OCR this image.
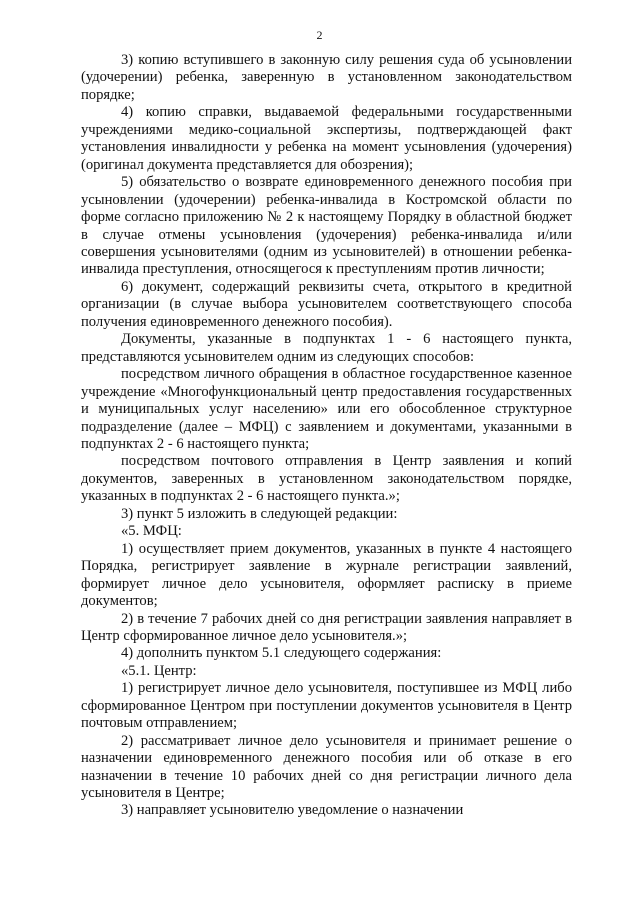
2

3) копию вступившего в законную силу решения суда об усыновлении (удочерении) ребенка, заверенную в установленном законодательством порядке;

4) копию справки, выдаваемой федеральными государственными учреждениями медико-социальной экспертизы, подтверждающей факт установления инвалидности у ребенка на момент усыновления (удочерения) (оригинал документа представляется для обозрения);

5) обязательство о возврате единовременного денежного пособия при усыновлении (удочерении) ребенка-инвалида в Костромской области по форме согласно приложению № 2 к настоящему Порядку в областной бюджет в случае отмены усыновления (удочерения) ребенка-инвалида и/или совершения усыновителями (одним из усыновителей) в отношении ребенка-инвалида преступления, относящегося к преступлениям против личности;

6) документ, содержащий реквизиты счета, открытого в кредитной организации (в случае выбора усыновителем соответствующего способа получения единовременного денежного пособия).

Документы, указанные в подпунктах 1 - 6 настоящего пункта, представляются усыновителем одним из следующих способов:

посредством личного обращения в областное государственное казенное учреждение «Многофункциональный центр предоставления государственных и муниципальных услуг населению» или его обособленное структурное подразделение (далее – МФЦ) с заявлением и документами, указанными в подпунктах 2 - 6 настоящего пункта;

посредством почтового отправления в Центр заявления и копий документов, заверенных в установленном законодательством порядке, указанных в подпунктах 2 - 6 настоящего пункта.»;

3) пункт 5 изложить в следующей редакции:

«5. МФЦ:

1) осуществляет прием документов, указанных в пункте 4 настоящего Порядка, регистрирует заявление в журнале регистрации заявлений, формирует личное дело усыновителя, оформляет расписку в приеме документов;

2) в течение 7 рабочих дней со дня регистрации заявления направляет в Центр сформированное личное дело усыновителя.»;

4) дополнить пунктом 5.1 следующего содержания:

«5.1. Центр:

1) регистрирует личное дело усыновителя, поступившее из МФЦ либо сформированное Центром при поступлении документов усыновителя в Центр почтовым отправлением;

2) рассматривает личное дело усыновителя и принимает решение о назначении единовременного денежного пособия или об отказе в его назначении в течение 10 рабочих дней со дня регистрации личного дела усыновителя в Центре;

3) направляет усыновителю уведомление о назначении
